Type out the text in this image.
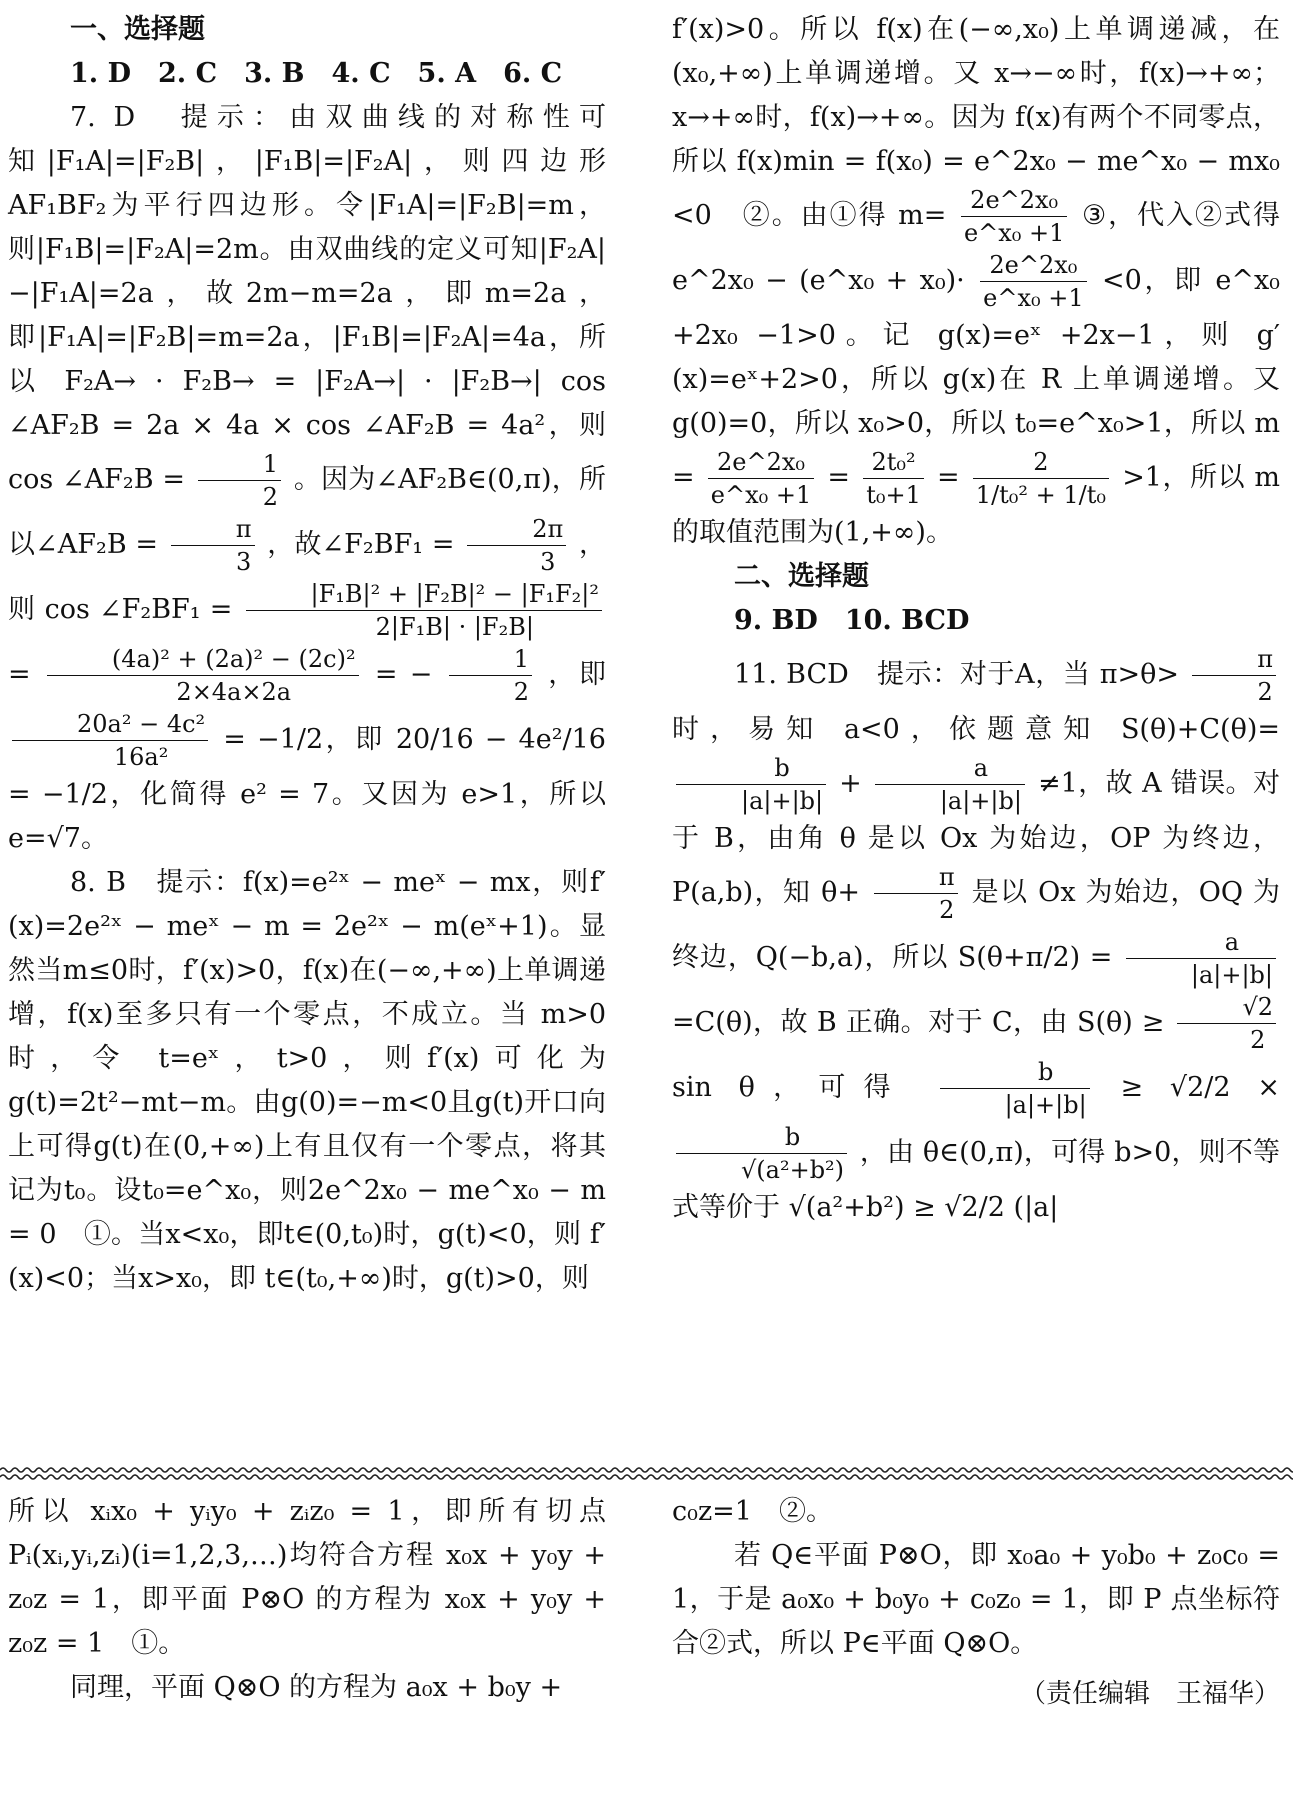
一、选择题
1. D　2. C　3. B　4. C　5. A　6. C

7. D　提示：由双曲线的对称性可知|F₁A|=|F₂B|，|F₁B|=|F₂A|，则四边形AF₁BF₂为平行四边形。令|F₁A|=|F₂B|=m，则|F₁B|=|F₂A|=2m。由双曲线的定义可知|F₂A|−|F₁A|=2a，故2m−m=2a，即m=2a，即|F₁A|=|F₂B|=m=2a，|F₁B|=|F₂A|=4a，所以 F₂A→ · F₂B→ = |F₂A→| · |F₂B→| cos ∠AF₂B = 2a × 4a × cos ∠AF₂B = 4a²，则 cos ∠AF₂B = $\frac{1}{2}$ 。因为∠AF₂B∈(0,π)，所以∠AF₂B = $\frac{\pi}{3}$ ，故∠F₂BF₁ = $\frac{2\pi}{3}$ ，则 cos ∠F₂BF₁ = $\frac{\text{|F₁B|² + |F₂B|² − |F₁F₂|²}}{\text{2|F₁B| · |F₂B|}}$
= $\frac{\text{(4a)² + (2a)² − (2c)²}}{2\times 4a\times 2a}$ = − $\frac{1}{2}$ ，即
$\frac{\text{20a² − 4c²}}{\text{16a²}} = -1/2$，即 20/16 − 4e²/16 = −1/2，化简得 e² = 7。又因为 e>1，所以 e=√7。

8. B　提示：f(x)=e²ˣ − meˣ − mx，则f′(x)=2e²ˣ − meˣ − m = 2e²ˣ − m(eˣ+1)。显然当m≤0时，f′(x)>0，f(x)在(−∞,+∞)上单调递增，f(x)至多只有一个零点，不成立。当 m>0 时，令 t=eˣ，t>0，则f′(x)可化为g(t)=2t²−mt−m。由g(0)=−m<0且g(t)开口向上可得g(t)在(0,+∞)上有且仅有一个零点，将其记为t₀。设t₀=e^x₀，则2e^2x₀ − me^x₀ − m = 0　①。当x<x₀，即t∈(0,t₀)时，g(t)<0，则 f′(x)<0；当x>x₀，即 t∈(t₀,+∞)时，g(t)>0，则

f′(x)>0。所以 f(x)在(−∞,x₀)上单调递减，在(x₀,+∞)上单调递增。又 x→−∞时，f(x)→+∞；x→+∞时，f(x)→+∞。因为 f(x)有两个不同零点，所以 f(x)min = f(x₀) = e^2x₀ − me^x₀ − mx₀ <0　②。由①得 $m= \frac{\text{2e\textasciicircum{}2x₀}}{\text{e\textasciicircum{}x₀ +1}}$ ③，代入②式得 e^2x₀ − (e^x₀ + $x_0)\cdot \frac{\text{2e\textasciicircum{}2x₀}}{\text{e\textasciicircum{}x₀ +1}} <0$，即 e^x₀ +2x₀ −1>0。记 g(x)=eˣ +2x−1，则 g′(x)=eˣ+2>0，所以 g(x)在 R 上单调递增。又 g(0)=0，所以 x₀>0，所以 t₀=e^x₀>1，所以 $m = \frac{\text{2e\textasciicircum{}2x₀}}{\text{e\textasciicircum{}x₀ +1}} = \frac{\text{2t₀²}}{\text{t₀+1}} = \frac{2}{\text{1/t₀² + 1/t₀}} >1$，所以 m 的取值范围为(1,+∞)。

二、选择题
9. BD　10. BCD

11. BCD　提示：对于A，当 $\pi>\theta> \frac{\pi}{2}$
时，易知 a<0，依题意知 S(θ)+C(θ)=
$\frac{b}{|a|+|b|} + \frac{a}{|a|+|b|} \ne 1$，故 A 错误。对于 B，由角 θ 是以 Ox 为始边，OP 为终边，P(a,b)，知 $\theta+ \frac{\pi}{2}$ 是以 Ox 为始边，OQ 为终边，Q(−b,a)，所以 $S(\theta+\pi/2) = \frac{a}{|a|+|b|}$
=C(θ)，故 B 正确。对于 C，由 $S(\theta) \ge \frac{√2}{2}$
sin θ，可得 $\frac{b}{|a|+|b|} \ge √2/2$ ×
$\frac{b}{\text{√(a²+b²)}}$ ，由 θ∈(0,π)，可得 b>0，则不等式等价于 √(a²+b²) ≥ √2/2 (|a|

所以 xᵢx₀ + yᵢy₀ + zᵢz₀ = 1，即所有切点Pᵢ(xᵢ,yᵢ,zᵢ)(i=1,2,3,…)均符合方程 x₀x + y₀y + z₀z = 1，即平面 P⊗O 的方程为 x₀x + y₀y + z₀z = 1　①。

同理，平面 Q⊗O 的方程为 a₀x + b₀y +

c₀z=1　②。

若 Q∈平面 P⊗O，即 x₀a₀ + y₀b₀ + z₀c₀ = 1，于是 a₀x₀ + b₀y₀ + c₀z₀ = 1，即 P 点坐标符合②式，所以 P∈平面 Q⊗O。

（责任编辑　王福华）
